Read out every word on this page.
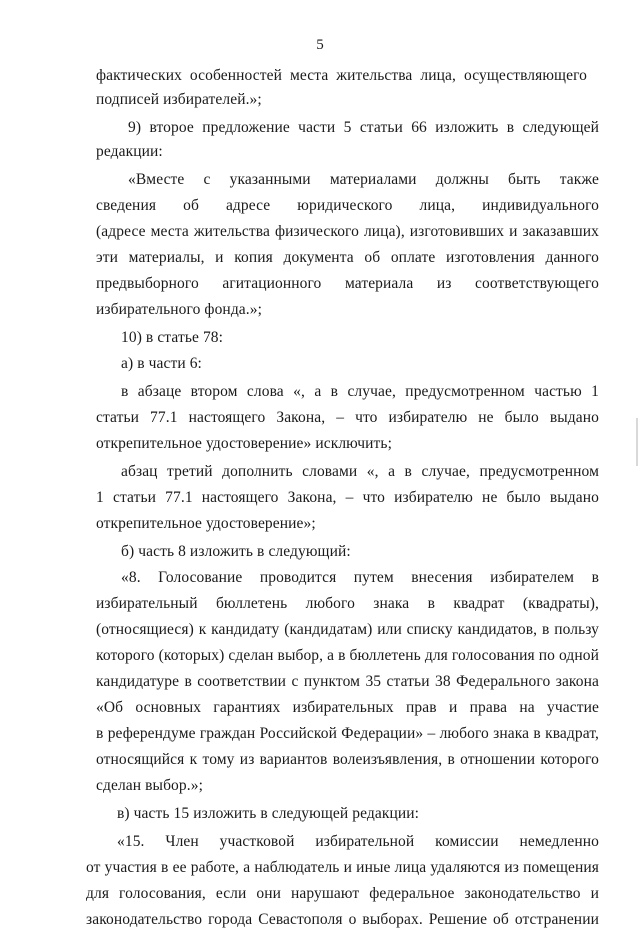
5
фактических особенностей места жительства лица, осуществляющего
подписей избирателей.»;
9) второе предложение части 5 статьи 66 изложить в следующей
редакции:
«Вместе с указанными материалами должны быть также
сведения об адресе юридического лица, индивидуального
(адресе места жительства физического лица), изготовивших и заказавших
эти материалы, и копия документа об оплате изготовления данного
предвыборного агитационного материала из соответствующего
избирательного фонда.»;
10) в статье 78:
а) в части 6:
в абзаце втором слова «, а в случае, предусмотренном частью 1
статьи 77.1 настоящего Закона, – что избирателю не было выдано
открепительное удостоверение» исключить;
абзац третий дополнить словами «, а в случае, предусмотренном
1 статьи 77.1 настоящего Закона, – что избирателю не было выдано
открепительное удостоверение»;
б) часть 8 изложить в следующий:
«8. Голосование проводится путем внесения избирателем в
избирательный бюллетень любого знака в квадрат (квадраты),
(относящиеся) к кандидату (кандидатам) или списку кандидатов, в пользу
которого (которых) сделан выбор, а в бюллетень для голосования по одной
кандидатуре в соответствии с пунктом 35 статьи 38 Федерального закона
«Об основных гарантиях избирательных прав и права на участие
в референдуме граждан Российской Федерации» – любого знака в квадрат,
относящийся к тому из вариантов волеизъявления, в отношении которого
сделан выбор.»;
в) часть 15 изложить в следующей редакции:
«15. Член участковой избирательной комиссии немедленно
от участия в ее работе, а наблюдатель и иные лица удаляются из помещения
для голосования, если они нарушают федеральное законодательство и
законодательство города Севастополя о выборах. Решение об отстранении
